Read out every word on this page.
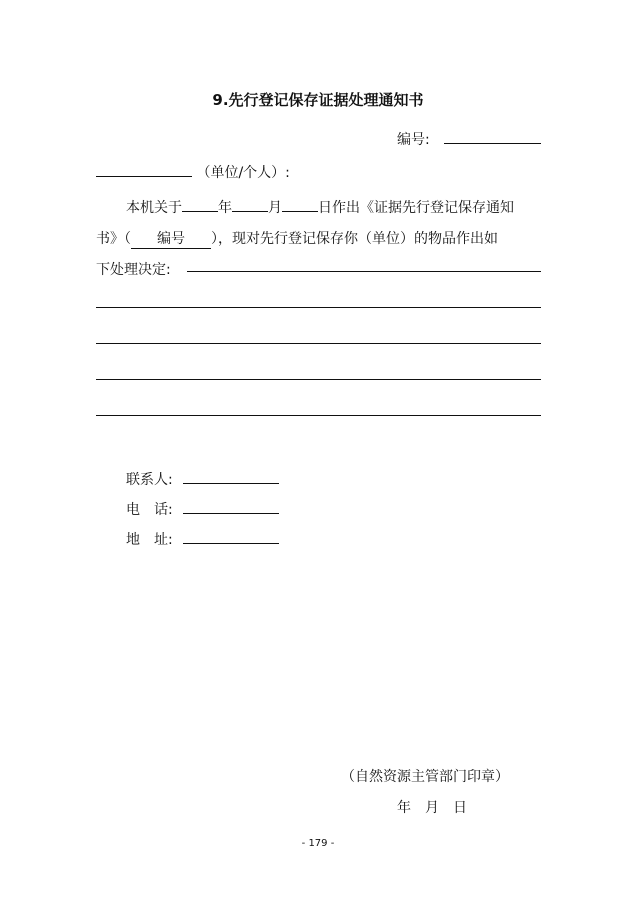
9.先行登记保存证据处理通知书
编号:
（单位/个人）:
本机关于	年	月	日作出《证据先行登记保存通知
书》（ 编号 ），现对先行登记保存你（单位）的物品作出如
下处理决定:
联系人:
电　话:
地　址:
（自然资源主管部门印章）
年　月　日
- 179 -
